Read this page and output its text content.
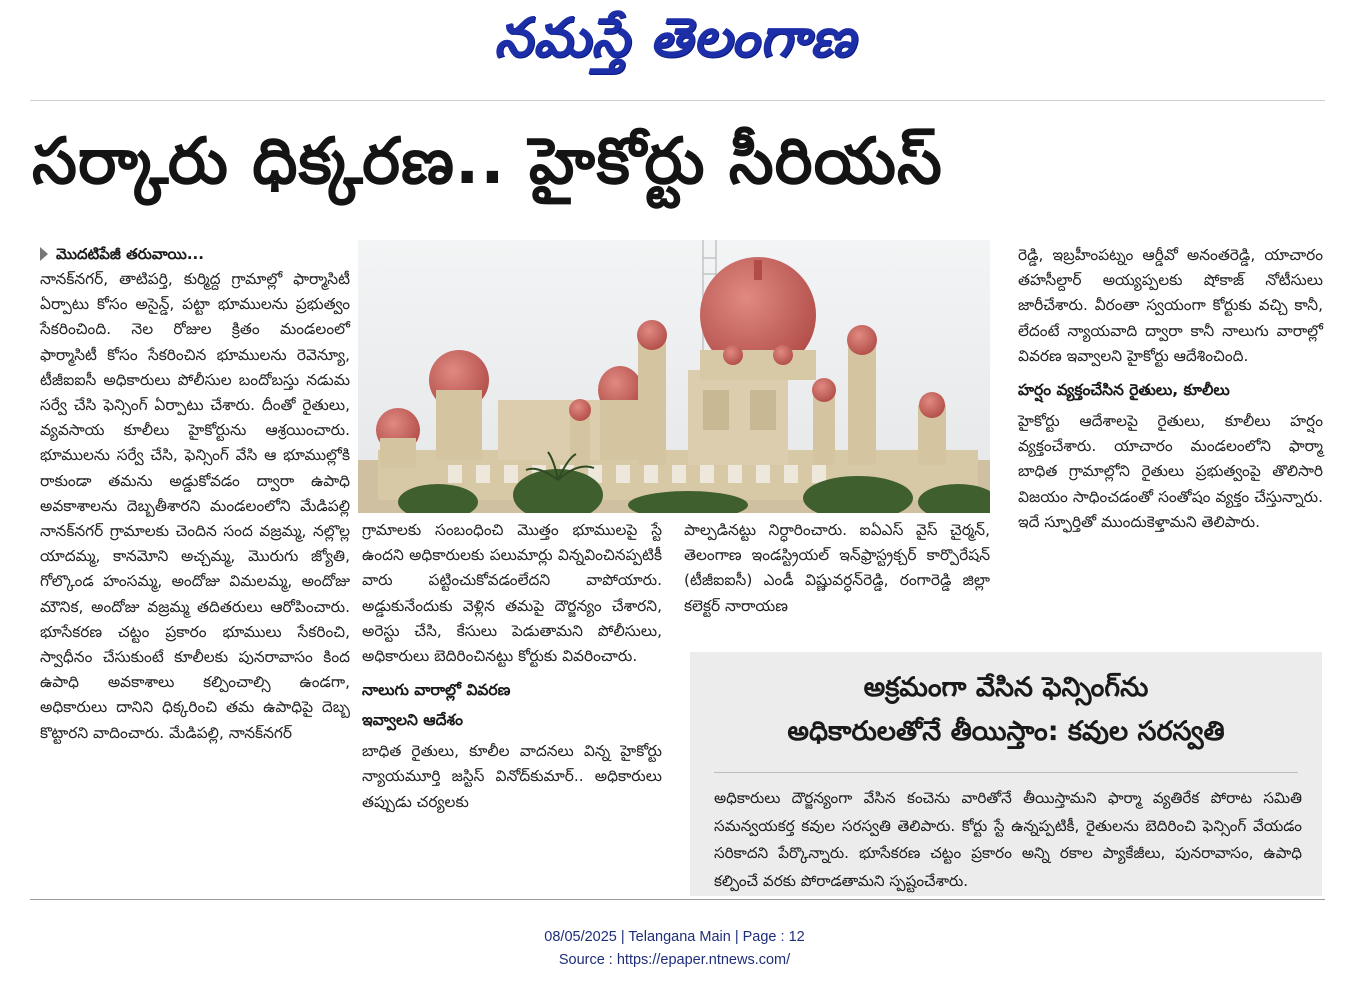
నమస్తే తెలంగాణ
సర్కారు ధిక్కరణ.. హైకోర్టు సీరియస్
మొదటిపేజీ తరువాయి...
నానక్‌నగర్, తాటిపర్తి, కుర్మిద్ద గ్రామాల్లో ఫార్మాసిటీ ఏర్పాటు కోసం అసైన్డ్, పట్టా భూములను ప్రభుత్వం సేకరించింది. నెల రోజుల క్రితం మండలంలో ఫార్మాసిటీ కోసం సేకరించిన భూములను రెవెన్యూ, టీజీఐఐసీ అధికారులు పోలీసుల బందోబస్తు నడుమ సర్వే చేసి ఫెన్సింగ్ ఏర్పాటు చేశారు. దీంతో రైతులు, వ్యవసాయ కూలీలు హైకోర్టును ఆశ్రయించారు. భూములను సర్వే చేసి, ఫెన్సింగ్ వేసి ఆ భూముల్లోకి రాకుండా తమను అడ్డుకోవడం ద్వారా ఉపాధి అవకాశాలను దెబ్బతీశారని మండలంలోని మేడిపల్లి నానక్‌నగర్ గ్రామాలకు చెందిన సంద వజ్రమ్మ, నల్లొల్ల యాదమ్మ, కానమోని అచ్చమ్మ, మొరుగు జ్యోతి, గోల్కొండ హంసమ్మ, అందోజు విమలమ్మ, అందోజు మౌనిక, అందోజు వజ్రమ్మ తదితరులు ఆరోపించారు. భూసేకరణ చట్టం ప్రకారం భూములు సేకరించి, స్వాధీనం చేసుకుంటే కూలీలకు పునరావాసం కింద ఉపాధి అవకాశాలు కల్పించాల్సి ఉండగా, అధికారులు దానిని ధిక్కరించి తమ ఉపాధిపై దెబ్బ కొట్టారని వాదించారు. మేడిపల్లి, నానక్‌నగర్
గ్రామాలకు సంబంధించి మొత్తం భూములపై స్టే ఉందని అధికారులకు పలుమార్లు విన్నవించినప్పటికీ వారు పట్టించుకోవడంలేదని వాపోయారు. అడ్డుకునేందుకు వెళ్లిన తమపై దౌర్జన్యం చేశారని, అరెస్టు చేసి, కేసులు పెడుతామని పోలీసులు, అధికారులు బెదిరించినట్టు కోర్టుకు వివరించారు.
నాలుగు వారాల్లో వివరణ
ఇవ్వాలని ఆదేశం
బాధిత రైతులు, కూలీల వాదనలు విన్న హైకోర్టు న్యాయమూర్తి జస్టిస్ వినోద్‌కుమార్.. అధికారులు తప్పుడు చర్యలకు
పాల్పడినట్టు నిర్ధారించారు. ఐఏఎస్ వైస్ చైర్మన్, తెలంగాణ ఇండస్ట్రియల్ ఇన్‌ఫ్రాస్ట్రక్చర్ కార్పొరేషన్ (టీజీఐఐసీ) ఎండీ విష్ణువర్ధన్‌రెడ్డి, రంగారెడ్డి జిల్లా కలెక్టర్ నారాయణ
రెడ్డి, ఇబ్రహీంపట్నం ఆర్డీవో అనంతరెడ్డి, యాచారం తహసీల్దార్ అయ్యప్పలకు షోకాజ్ నోటీసులు జారీచేశారు. వీరంతా స్వయంగా కోర్టుకు వచ్చి కానీ, లేదంటే న్యాయవాది ద్వారా కానీ నాలుగు వారాల్లో వివరణ ఇవ్వాలని హైకోర్టు ఆదేశించింది.
హర్షం వ్యక్తంచేసిన రైతులు, కూలీలు
హైకోర్టు ఆదేశాలపై రైతులు, కూలీలు హర్షం వ్యక్తంచేశారు. యాచారం మండలంలోని ఫార్మా బాధిత గ్రామాల్లోని రైతులు ప్రభుత్వంపై తొలిసారి విజయం సాధించడంతో సంతోషం వ్యక్తం చేస్తున్నారు. ఇదే స్ఫూర్తితో ముందుకెళ్తామని తెలిపారు.
అక్రమంగా వేసిన ఫెన్సింగ్‌ను
అధికారులతోనే తీయిస్తాం: కవుల సరస్వతి
అధికారులు దౌర్జన్యంగా వేసిన కంచెను వారితోనే తీయిస్తామని ఫార్మా వ్యతిరేక పోరాట సమితి సమన్వయకర్త కవుల సరస్వతి తెలిపారు. కోర్టు స్టే ఉన్నప్పటికీ, రైతులను బెదిరించి ఫెన్సింగ్ వేయడం సరికాదని పేర్కొన్నారు. భూసేకరణ చట్టం ప్రకారం అన్ని రకాల ప్యాకేజీలు, పునరావాసం, ఉపాధి కల్పించే వరకు పోరాడతామని స్పష్టంచేశారు.
08/05/2025 | Telangana Main | Page : 12
Source : https://epaper.ntnews.com/
